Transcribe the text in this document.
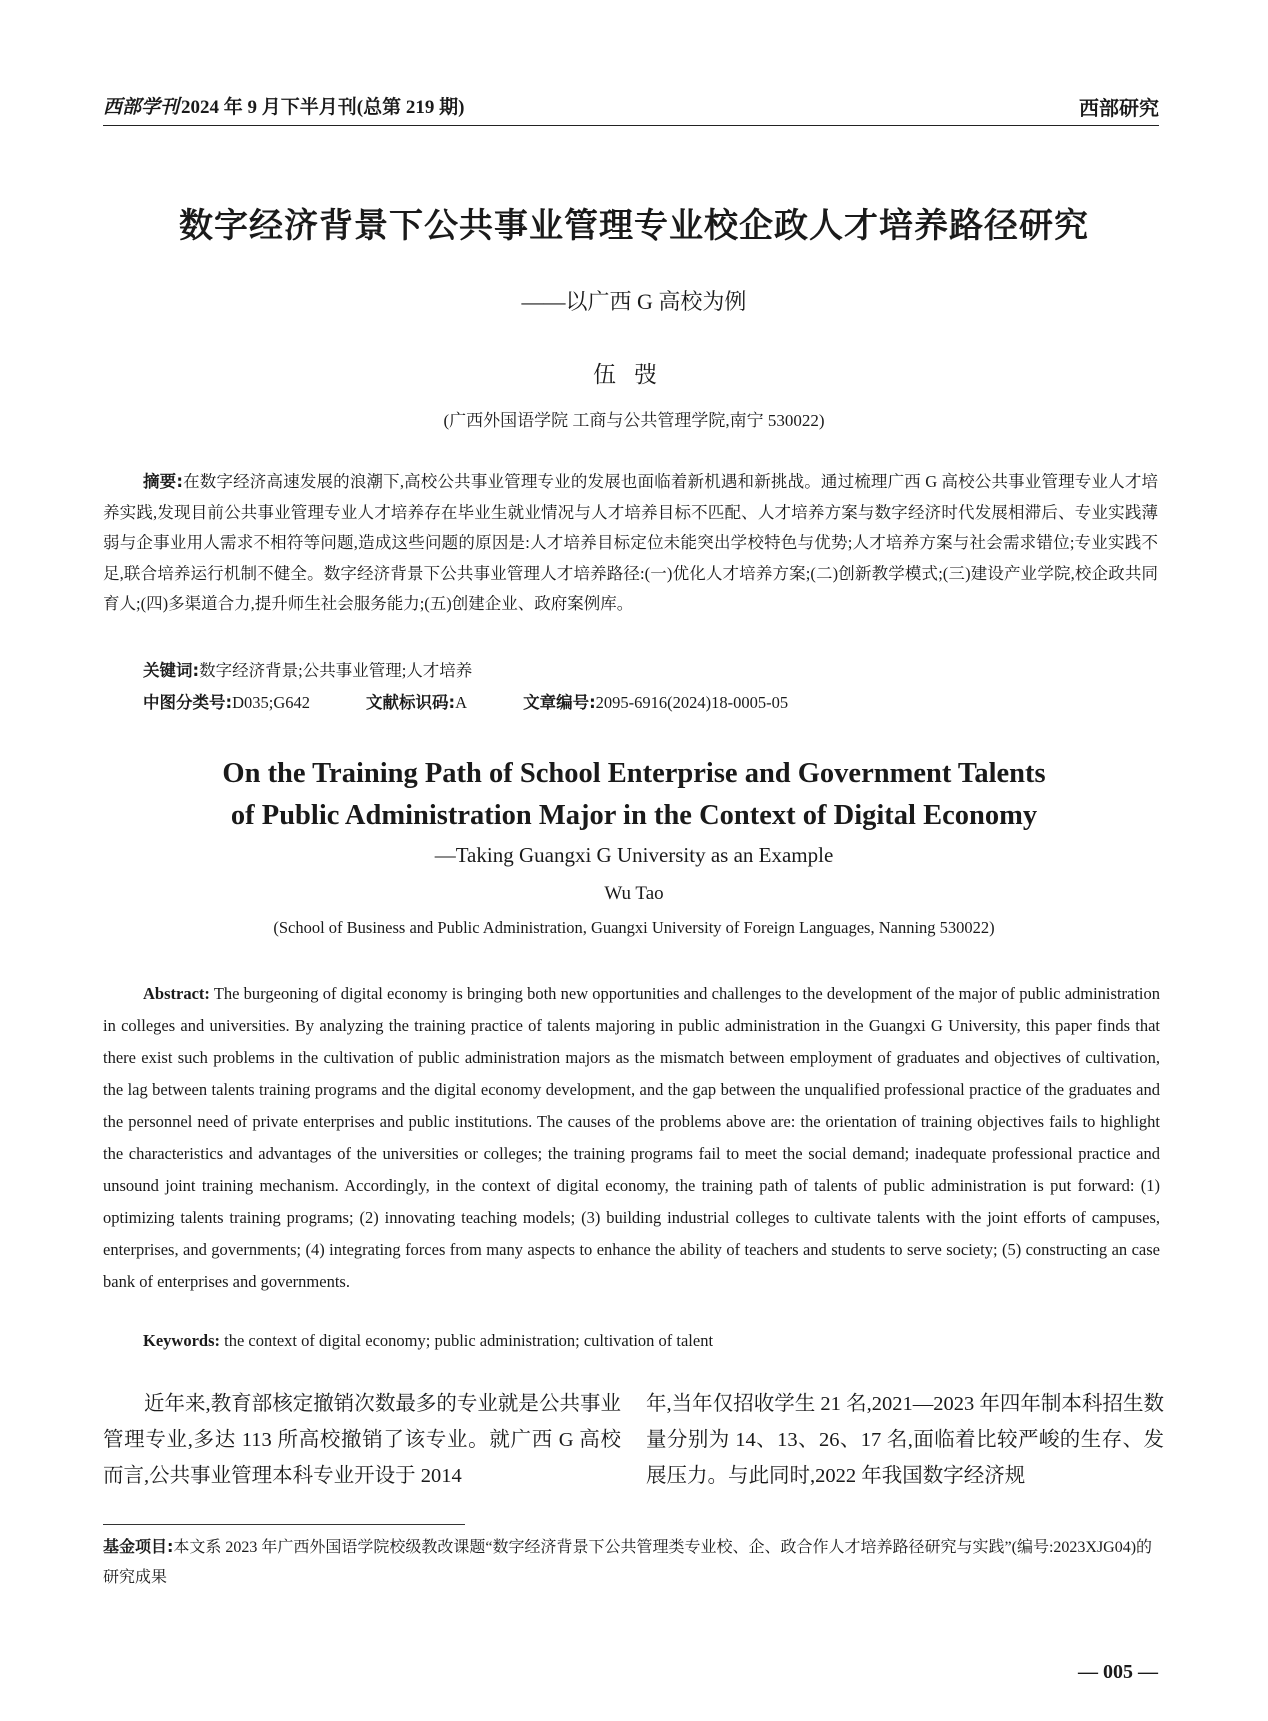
西部学刊 2024 年 9 月下半月刊(总第 219 期)	西部研究
数字经济背景下公共事业管理专业校企政人才培养路径研究
——以广西 G 高校为例
伍弢
(广西外国语学院 工商与公共管理学院,南宁 530022)
摘要:在数字经济高速发展的浪潮下,高校公共事业管理专业的发展也面临着新机遇和新挑战。通过梳理广西 G 高校公共事业管理专业人才培养实践,发现目前公共事业管理专业人才培养存在毕业生就业情况与人才培养目标不匹配、人才培养方案与数字经济时代发展相滞后、专业实践薄弱与企事业用人需求不相符等问题,造成这些问题的原因是:人才培养目标定位未能突出学校特色与优势;人才培养方案与社会需求错位;专业实践不足,联合培养运行机制不健全。数字经济背景下公共事业管理人才培养路径:(一)优化人才培养方案;(二)创新教学模式;(三)建设产业学院,校企政共同育人;(四)多渠道合力,提升师生社会服务能力;(五)创建企业、政府案例库。
关键词:数字经济背景;公共事业管理;人才培养
中图分类号:D035;G642	文献标识码:A	文章编号:2095-6916(2024)18-0005-05
On the Training Path of School Enterprise and Government Talents
of Public Administration Major in the Context of Digital Economy
—Taking Guangxi G University as an Example
Wu Tao
(School of Business and Public Administration, Guangxi University of Foreign Languages, Nanning 530022)
Abstract: The burgeoning of digital economy is bringing both new opportunities and challenges to the development of the major of public administration in colleges and universities. By analyzing the training practice of talents majoring in public administration in the Guangxi G University, this paper finds that there exist such problems in the cultivation of public administration majors as the mismatch between employment of graduates and objectives of cultivation, the lag between talents training programs and the digital economy development, and the gap between the unqualified professional practice of the graduates and the personnel need of private enterprises and public institutions. The causes of the problems above are: the orientation of training objectives fails to highlight the characteristics and advantages of the universities or colleges; the training programs fail to meet the social demand; inadequate professional practice and unsound joint training mechanism. Accordingly, in the context of digital economy, the training path of talents of public administration is put forward: (1) optimizing talents training programs; (2) innovating teaching models; (3) building industrial colleges to cultivate talents with the joint efforts of campuses, enterprises, and governments; (4) integrating forces from many aspects to enhance the ability of teachers and students to serve society; (5) constructing an case bank of enterprises and governments.
Keywords: the context of digital economy; public administration; cultivation of talent
近年来,教育部核定撤销次数最多的专业就是公共事业管理专业,多达 113 所高校撤销了该专业。就广西 G 高校而言,公共事业管理本科专业开设于 2014
年,当年仅招收学生 21 名,2021—2023 年四年制本科招生数量分别为 14、13、26、17 名,面临着比较严峻的生存、发展压力。与此同时,2022 年我国数字经济规
基金项目:本文系 2023 年广西外国语学院校级教改课题“数字经济背景下公共管理类专业校、企、政合作人才培养路径研究与实践”(编号:2023XJG04)的研究成果
— 005 —
